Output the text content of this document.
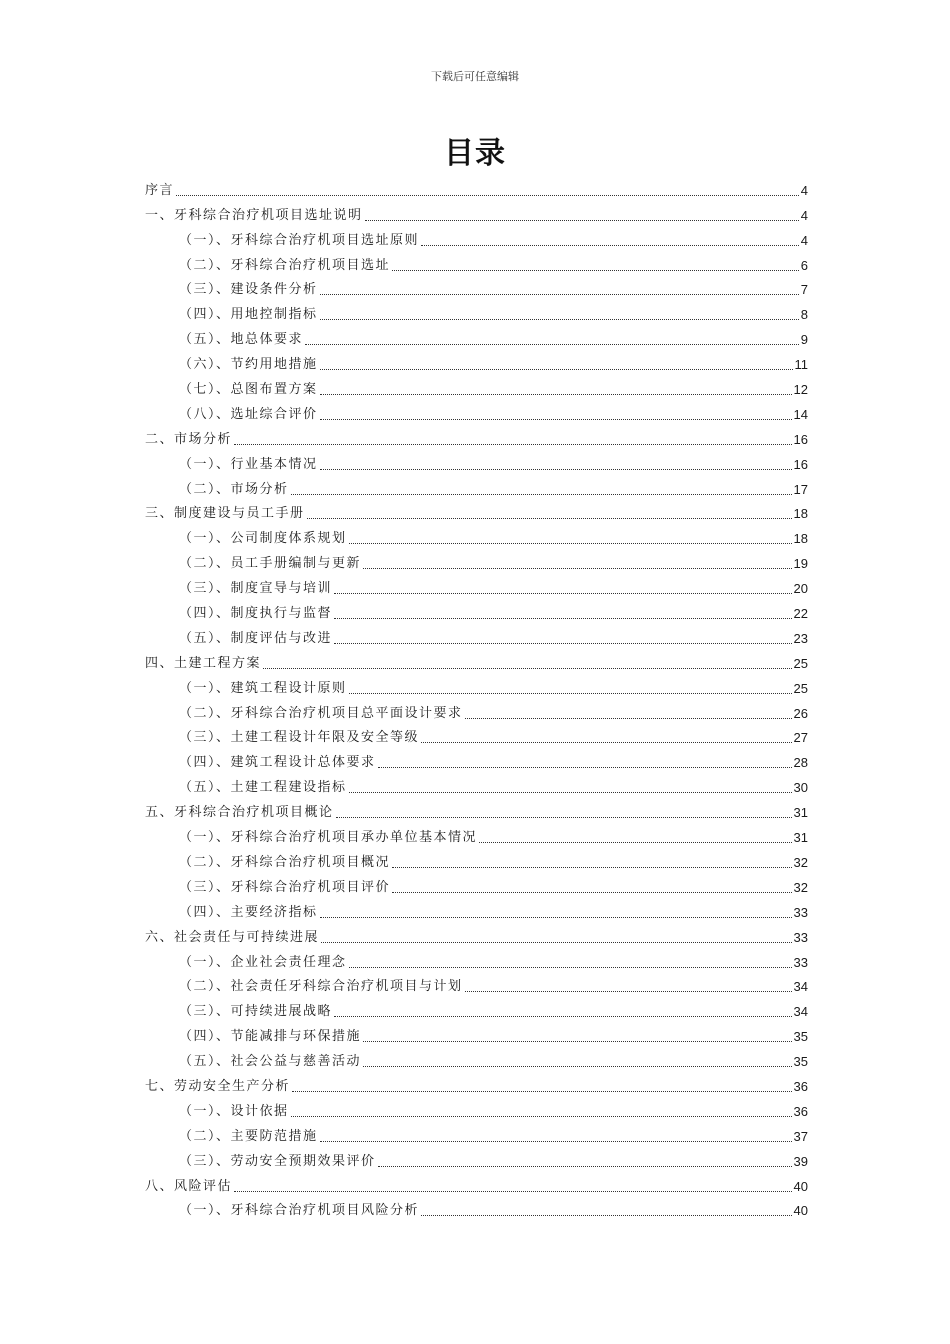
下载后可任意编辑
目录
序言	4
一、牙科综合治疗机项目选址说明	4
（一）、牙科综合治疗机项目选址原则	4
（二）、牙科综合治疗机项目选址	6
（三）、建设条件分析	7
（四）、用地控制指标	8
（五）、地总体要求	9
（六）、节约用地措施	11
（七）、总图布置方案	12
（八）、选址综合评价	14
二、市场分析	16
（一）、行业基本情况	16
（二）、市场分析	17
三、制度建设与员工手册	18
（一）、公司制度体系规划	18
（二）、员工手册编制与更新	19
（三）、制度宣导与培训	20
（四）、制度执行与监督	22
（五）、制度评估与改进	23
四、土建工程方案	25
（一）、建筑工程设计原则	25
（二）、牙科综合治疗机项目总平面设计要求	26
（三）、土建工程设计年限及安全等级	27
（四）、建筑工程设计总体要求	28
（五）、土建工程建设指标	30
五、牙科综合治疗机项目概论	31
（一）、牙科综合治疗机项目承办单位基本情况	31
（二）、牙科综合治疗机项目概况	32
（三）、牙科综合治疗机项目评价	32
（四）、主要经济指标	33
六、社会责任与可持续进展	33
（一）、企业社会责任理念	33
（二）、社会责任牙科综合治疗机项目与计划	34
（三）、可持续进展战略	34
（四）、节能减排与环保措施	35
（五）、社会公益与慈善活动	35
七、劳动安全生产分析	36
（一）、设计依据	36
（二）、主要防范措施	37
（三）、劳动安全预期效果评价	39
八、风险评估	40
（一）、牙科综合治疗机项目风险分析	40
